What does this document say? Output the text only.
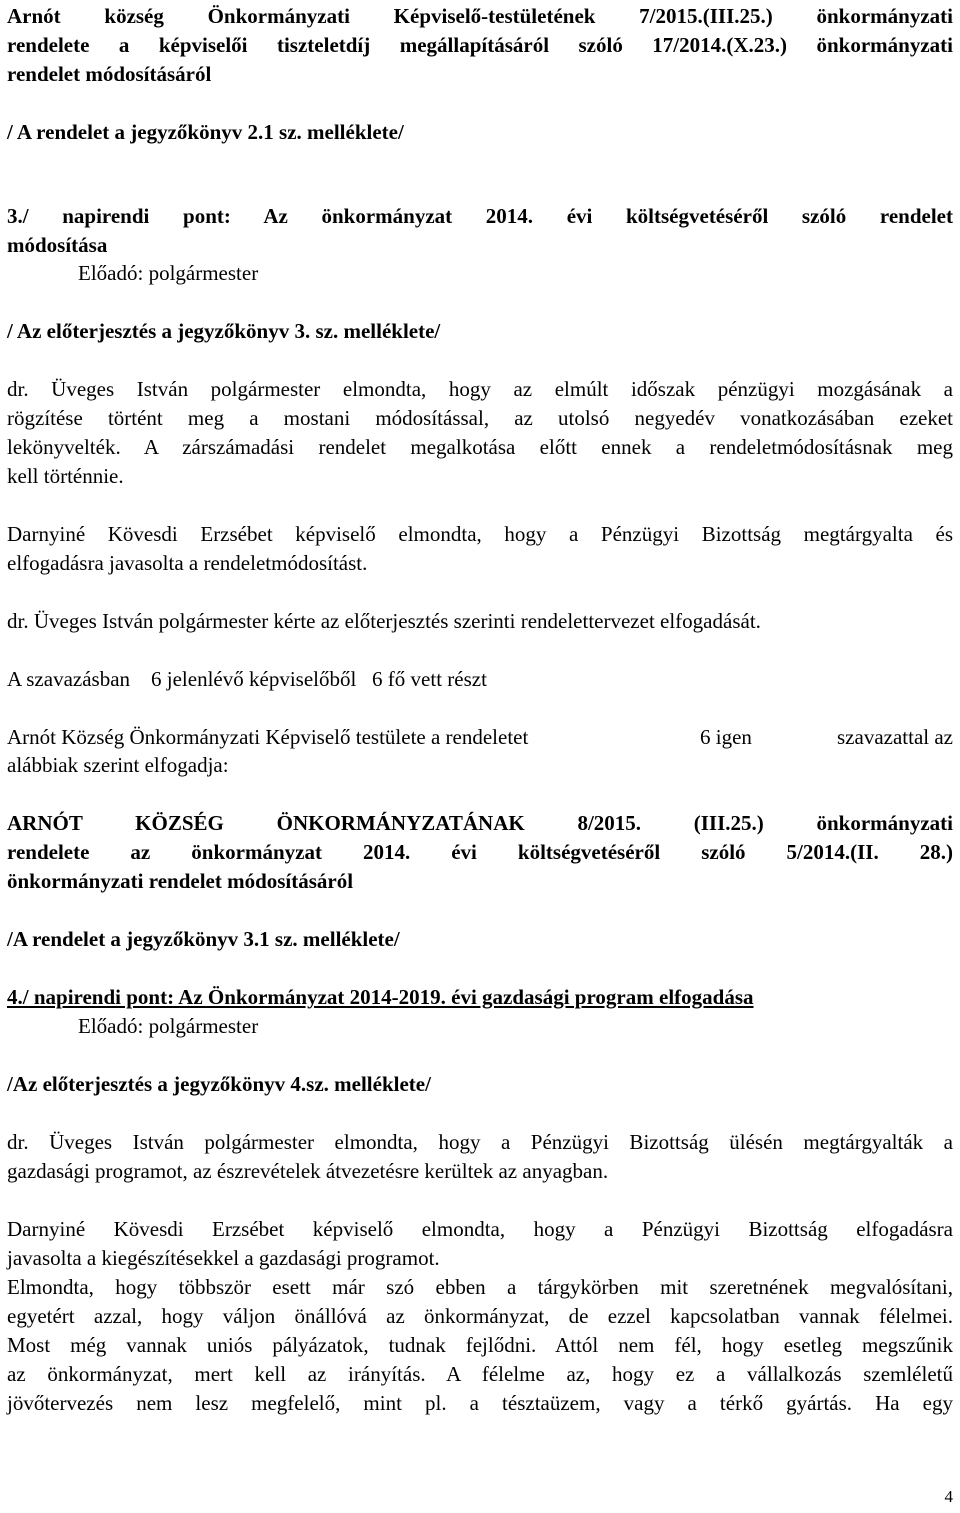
Arnót község Önkormányzati Képviselő-testületének 7/2015.(III.25.) önkormányzati
rendelete a képviselői tiszteletdíj megállapításáról szóló 17/2014.(X.23.) önkormányzati
rendelet módosításáról
/ A rendelet a jegyzőkönyv 2.1 sz. melléklete/
3./ napirendi pont: Az önkormányzat 2014. évi költségvetéséről szóló rendelet
módosítása
Előadó: polgármester
/ Az előterjesztés a jegyzőkönyv 3. sz. melléklete/
dr. Üveges István polgármester elmondta, hogy az elmúlt időszak pénzügyi mozgásának a
rögzítése történt meg a mostani módosítással, az utolsó negyedév vonatkozásában ezeket
lekönyvelték. A zárszámadási rendelet megalkotása előtt ennek a rendeletmódosításnak meg
kell történnie.
Darnyiné Kövesdi Erzsébet képviselő elmondta, hogy a Pénzügyi Bizottság megtárgyalta és
elfogadásra javasolta a rendeletmódosítást.
dr. Üveges István polgármester kérte az előterjesztés szerinti rendelettervezet elfogadását.
A szavazásban    6 jelenlévő képviselőből   6 fő vett részt
Arnót Község Önkormányzati Képviselő testülete a rendeletet	6 igen	szavazattal az
alábbiak szerint elfogadja:
ARNÓT KÖZSÉG ÖNKORMÁNYZATÁNAK 8/2015. (III.25.) önkormányzati
rendelete az önkormányzat 2014. évi költségvetéséről szóló 5/2014.(II. 28.)
önkormányzati rendelet módosításáról
/A rendelet a jegyzőkönyv 3.1 sz. melléklete/
4./ napirendi pont: Az Önkormányzat 2014-2019. évi gazdasági program elfogadása
Előadó: polgármester
/Az előterjesztés a jegyzőkönyv 4.sz. melléklete/
dr. Üveges István polgármester elmondta, hogy a Pénzügyi Bizottság ülésén megtárgyalták a
gazdasági programot, az észrevételek átvezetésre kerültek az anyagban.
Darnyiné Kövesdi Erzsébet képviselő elmondta, hogy a Pénzügyi Bizottság elfogadásra
javasolta a kiegészítésekkel a gazdasági programot.
Elmondta, hogy többször esett már szó ebben a tárgykörben mit szeretnének megvalósítani,
egyetért azzal, hogy váljon önállóvá az önkormányzat, de ezzel kapcsolatban vannak félelmei.
Most még vannak uniós pályázatok, tudnak fejlődni. Attól nem fél, hogy esetleg megszűnik
az önkormányzat, mert kell az irányítás. A félelme az, hogy ez a vállalkozás szemléletű
jövőtervezés nem lesz megfelelő, mint pl. a tésztaüzem, vagy a térkő gyártás. Ha egy
4
